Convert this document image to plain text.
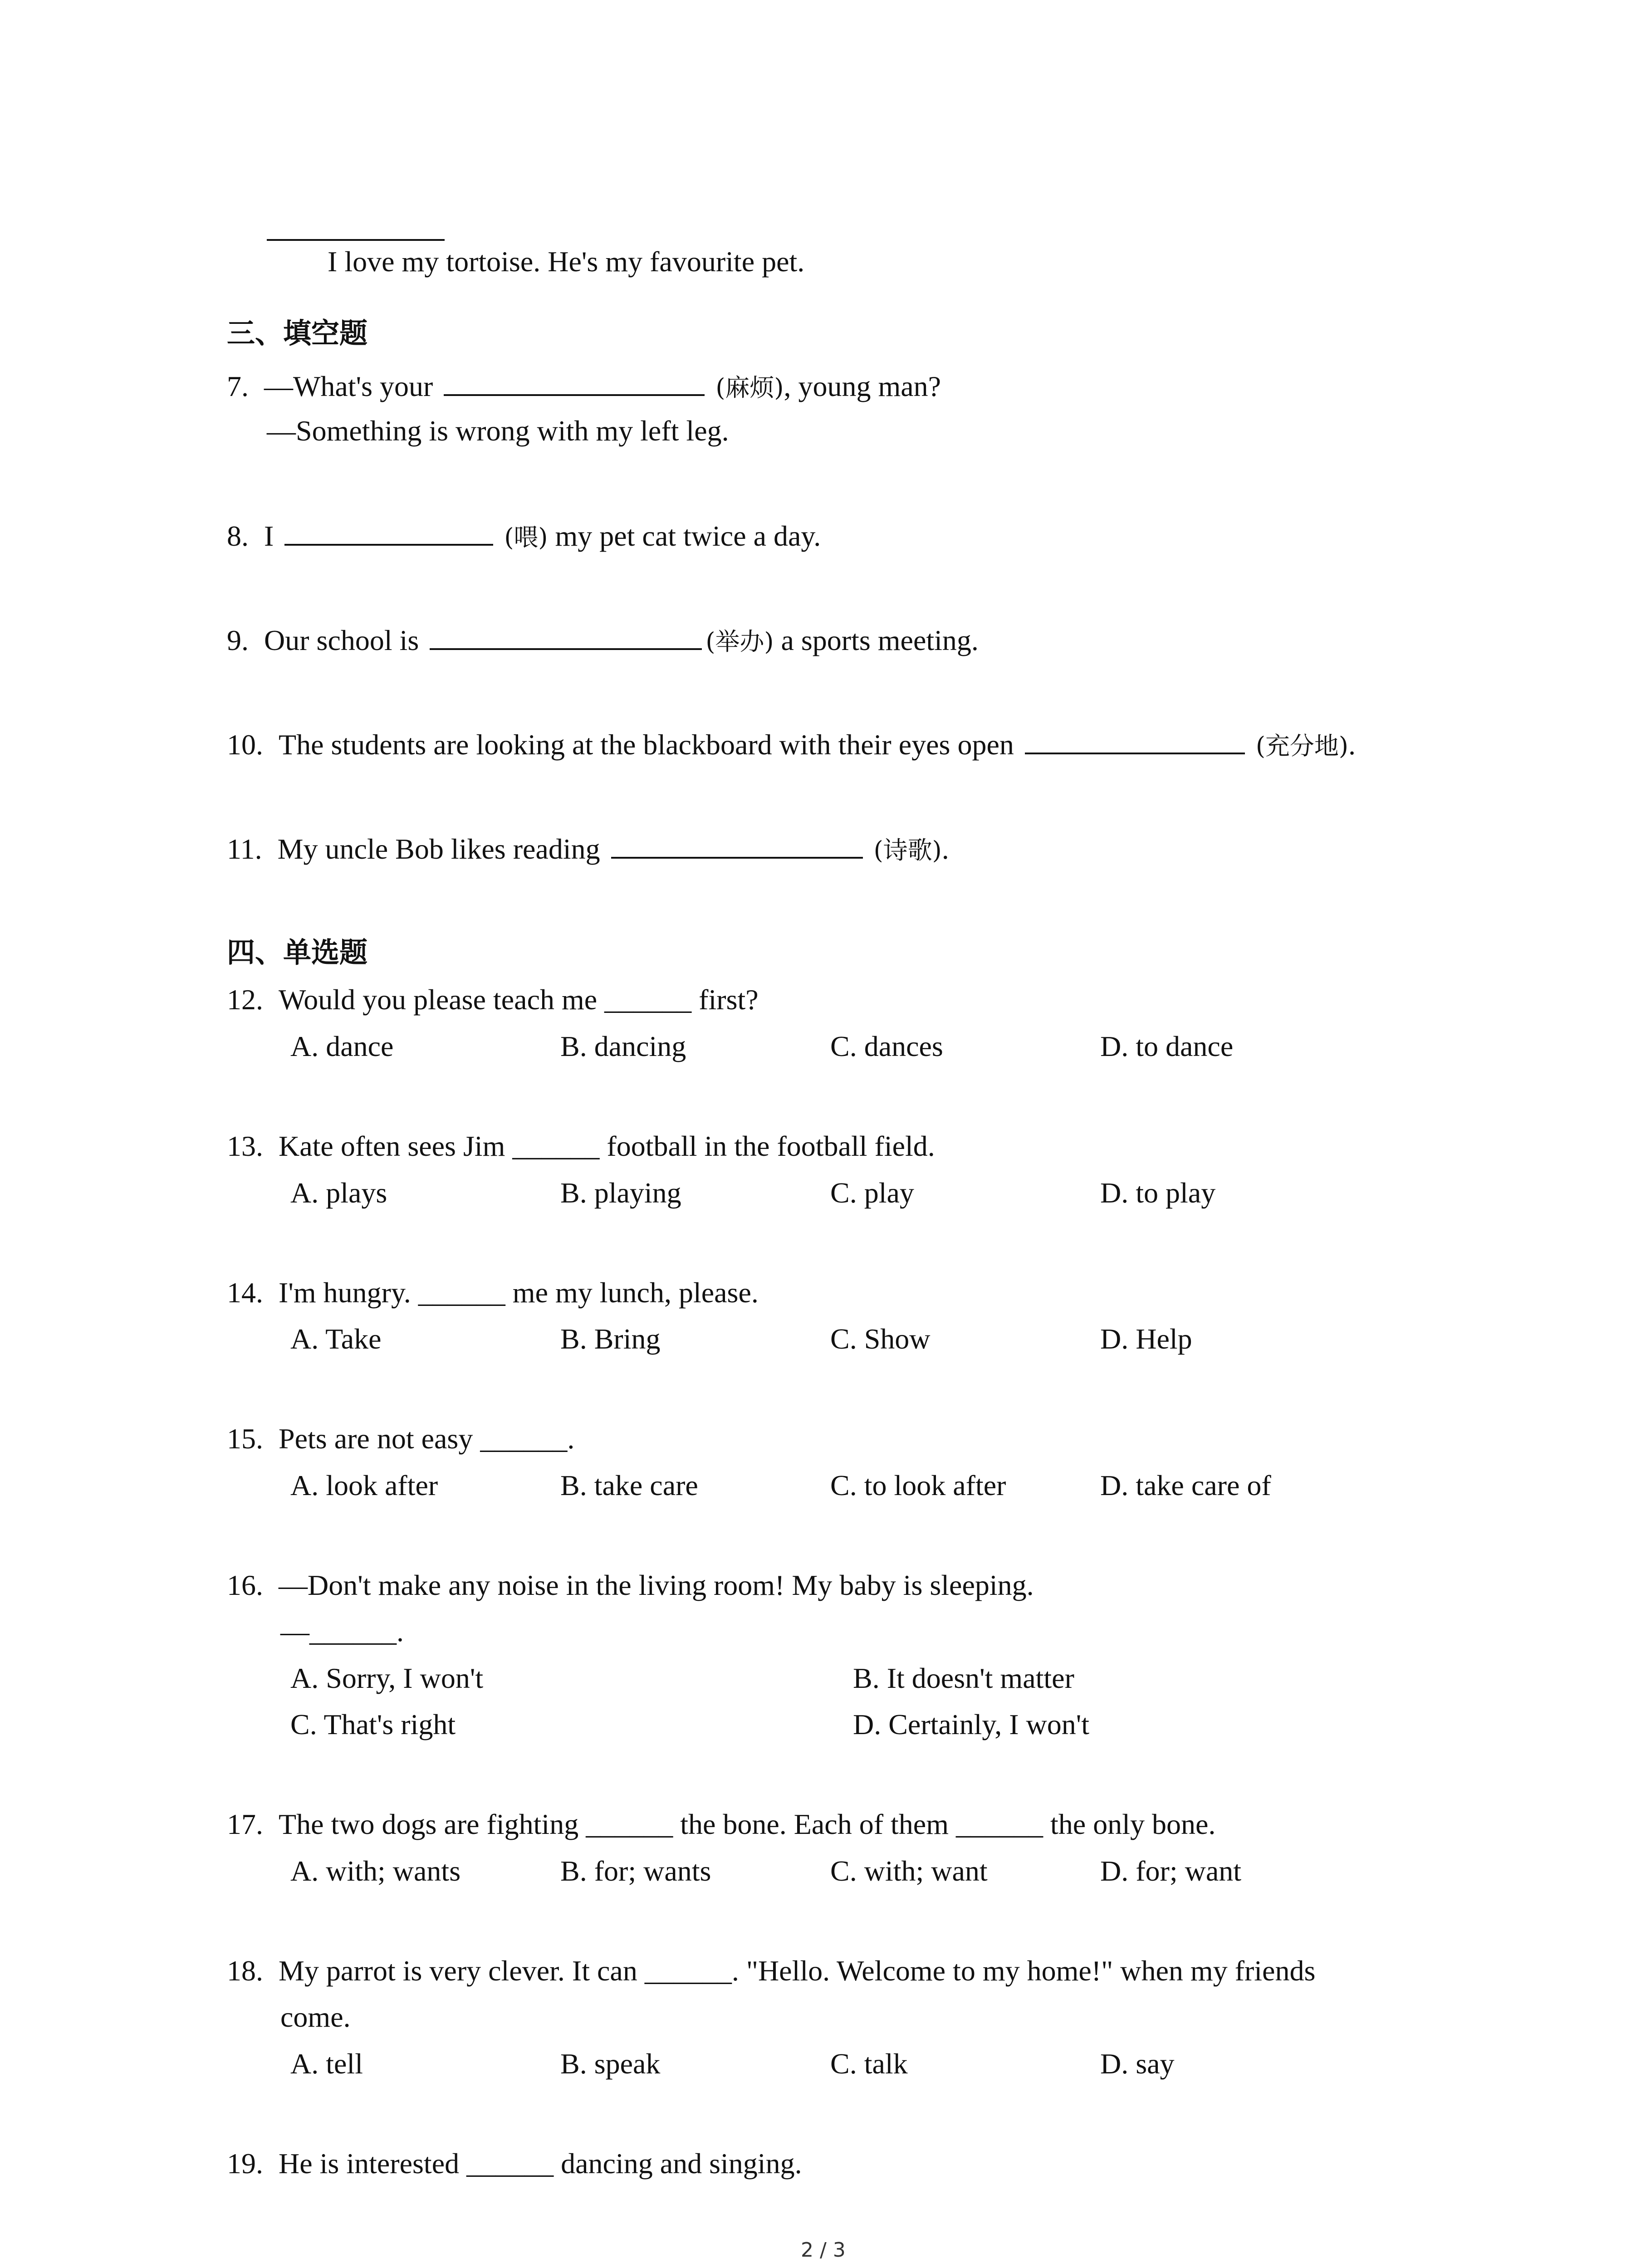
I love my tortoise. He's my favourite pet.
三、填空题
7. —What's your	(麻烦), young man?
—Something is wrong with my left leg.
8. I	(喂) my pet cat twice a day.
9. Our school is	(举办) a sports meeting.
10. The students are looking at the blackboard with their eyes open	(充分地).
11. My uncle Bob likes reading	(诗歌).
四、单选题
12. Would you please teach me ______ first?
A. dance	B. dancing	C. dances	D. to dance
13. Kate often sees Jim ______ football in the football field.
A. plays	B. playing	C. play	D. to play
14. I'm hungry. ______ me my lunch, please.
A. Take	B. Bring	C. Show	D. Help
15. Pets are not easy ______.
A. look after	B. take care	C. to look after	D. take care of
16. —Don't make any noise in the living room! My baby is sleeping.
—______.
A. Sorry, I won't	B. It doesn't matter
C. That's right	D. Certainly, I won't
17. The two dogs are fighting ______ the bone. Each of them ______ the only bone.
A. with; wants	B. for; wants	C. with; want	D. for; want
18. My parrot is very clever. It can ______. "Hello. Welcome to my home!" when my friends
come.
A. tell	B. speak	C. talk	D. say
19. He is interested ______ dancing and singing.
2 / 3
